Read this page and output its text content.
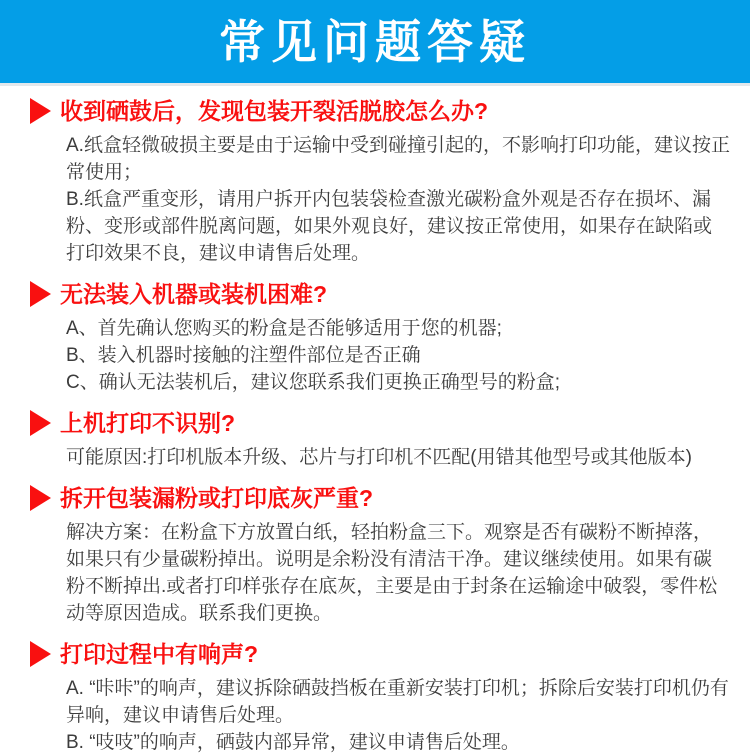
常见问题答疑
收到硒鼓后，发现包装开裂活脱胶怎么办?

A.纸盒轻微破损主要是由于运输中受到碰撞引起的，不影响打印功能，建议按正常使用；

B.纸盒严重变形，请用户拆开内包装袋检查激光碳粉盒外观是否存在损坏、漏粉、变形或部件脱离问题，如果外观良好，建议按正常使用，如果存在缺陷或打印效果不良，建议申请售后处理。

无法装入机器或装机困难?

A、首先确认您购买的粉盒是否能够适用于您的机器;

B、装入机器时接触的注塑件部位是否正确

C、确认无法装机后，建议您联系我们更换正确型号的粉盒;

上机打印不识别?

可能原因:打印机版本升级、芯片与打印机不匹配(用错其他型号或其他版本)

拆开包装漏粉或打印底灰严重?

解决方案：在粉盒下方放置白纸，轻拍粉盒三下。观察是否有碳粉不断掉落，如果只有少量碳粉掉出。说明是余粉没有清洁干净。建议继续使用。如果有碳粉不断掉出.或者打印样张存在底灰，主要是由于封条在运输途中破裂，零件松动等原因造成。联系我们更换。

打印过程中有响声?

A. “咔咔”的响声，建议拆除硒鼓挡板在重新安装打印机；拆除后安装打印机仍有异响，建议申请售后处理。

B. “吱吱”的响声，硒鼓内部异常，建议申请售后处理。
